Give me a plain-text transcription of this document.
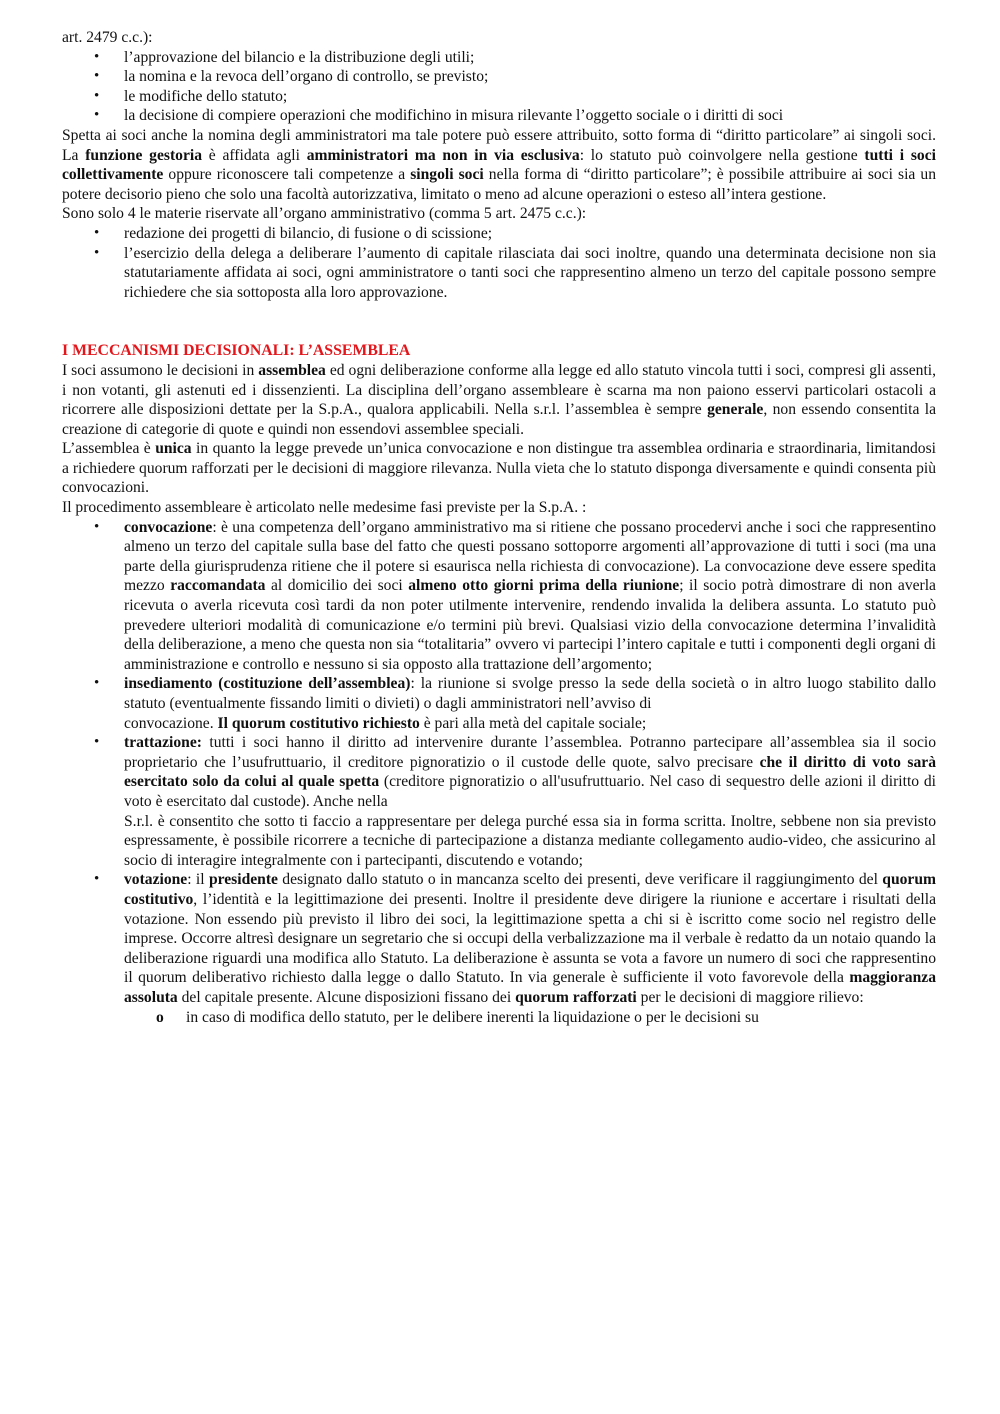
art. 2479 c.c.):

• l’approvazione del bilancio e la distribuzione degli utili;
• la nomina e la revoca dell’organo di controllo, se previsto;
• le modifiche dello statuto;
• la decisione di compiere operazioni che modifichino in misura rilevante l’oggetto sociale o i diritti di soci

Spetta ai soci anche la nomina degli amministratori ma tale potere può essere attribuito, sotto forma di “diritto particolare” ai singoli soci. La funzione gestoria è affidata agli amministratori ma non in via esclusiva: lo statuto può coinvolgere nella gestione tutti i soci collettivamente oppure riconoscere tali competenze a singoli soci nella forma di “diritto particolare”; è possibile attribuire ai soci sia un potere decisorio pieno che solo una facoltà autorizzativa, limitato o meno ad alcune operazioni o esteso all’intera gestione.

Sono solo 4 le materie riservate all’organo amministrativo (comma 5 art. 2475 c.c.):

• redazione dei progetti di bilancio, di fusione o di scissione;
• l’esercizio della delega a deliberare l’aumento di capitale rilasciata dai soci inoltre, quando una determinata decisione non sia statutariamente affidata ai soci, ogni amministratore o tanti soci che rappresentino almeno un terzo del capitale possono sempre richiedere che sia sottoposta alla loro approvazione.

I MECCANISMI DECISIONALI: L’ASSEMBLEA

I soci assumono le decisioni in assemblea ed ogni deliberazione conforme alla legge ed allo statuto vincola tutti i soci, compresi gli assenti, i non votanti, gli astenuti ed i dissenzienti. La disciplina dell’organo assembleare è scarna ma non paiono esservi particolari ostacoli a ricorrere alle disposizioni dettate per la S.p.A., qualora applicabili. Nella s.r.l. l’assemblea è sempre generale, non essendo consentita la creazione di categorie di quote e quindi non essendovi assemblee speciali.

L’assemblea è unica in quanto la legge prevede un’unica convocazione e non distingue tra assemblea ordinaria e straordinaria, limitandosi a richiedere quorum rafforzati per le decisioni di maggiore rilevanza. Nulla vieta che lo statuto disponga diversamente e quindi consenta più convocazioni.

Il procedimento assembleare è articolato nelle medesime fasi previste per la S.p.A. :

• convocazione: è una competenza dell’organo amministrativo ma si ritiene che possano procedervi anche i soci che rappresentino almeno un terzo del capitale sulla base del fatto che questi possano sottoporre argomenti all’approvazione di tutti i soci (ma una parte della giurisprudenza ritiene che il potere si esaurisca nella richiesta di convocazione). La convocazione deve essere spedita mezzo raccomandata al domicilio dei soci almeno otto giorni prima della riunione; il socio potrà dimostrare di non averla ricevuta o averla ricevuta così tardi da non poter utilmente intervenire, rendendo invalida la delibera assunta. Lo statuto può prevedere ulteriori modalità di comunicazione e/o termini più brevi. Qualsiasi vizio della convocazione determina l’invalidità della deliberazione, a meno che questa non sia “totalitaria” ovvero vi partecipi l’intero capitale e tutti i componenti degli organi di amministrazione e controllo e nessuno si sia opposto alla trattazione dell’argomento;
• insediamento (costituzione dell’assemblea): la riunione si svolge presso la sede della società o in altro luogo stabilito dallo statuto (eventualmente fissando limiti o divieti) o dagli amministratori nell’avviso di

convocazione. Il quorum costitutivo richiesto è pari alla metà del capitale sociale;

• trattazione: tutti i soci hanno il diritto ad intervenire durante l’assemblea. Potranno partecipare all’assemblea sia il socio proprietario che l’usufruttuario, il creditore pignoratizio o il custode delle quote, salvo precisare che il diritto di voto sarà esercitato solo da colui al quale spetta (creditore pignoratizio o all'usufruttuario. Nel caso di sequestro delle azioni il diritto di voto è esercitato dal custode). Anche nella
S.r.l. è consentito che sotto ti faccio a rappresentare per delega purché essa sia in forma scritta. Inoltre, sebbene non sia previsto espressamente, è possibile ricorrere a tecniche di partecipazione a distanza mediante collegamento audio-video, che assicurino al socio di interagire integralmente con i partecipanti, discutendo e votando;
• votazione: il presidente designato dallo statuto o in mancanza scelto dei presenti, deve verificare il raggiungimento del quorum costitutivo, l’identità e la legittimazione dei presenti. Inoltre il presidente deve dirigere la riunione e accertare i risultati della votazione. Non essendo più previsto il libro dei soci, la legittimazione spetta a chi si è iscritto come socio nel registro delle imprese. Occorre altresì designare un segretario che si occupi della verbalizzazione ma il verbale è redatto da un notaio quando la deliberazione riguardi una modifica allo Statuto. La deliberazione è assunta se vota a favore un numero di soci che rappresentino il quorum deliberativo richiesto dalla legge o dallo Statuto. In via generale è sufficiente il voto favorevole della maggioranza assoluta del capitale presente. Alcune disposizioni fissano dei quorum rafforzati per le decisioni di maggiore rilievo:
o in caso di modifica dello statuto, per le delibere inerenti la liquidazione o per le decisioni su
